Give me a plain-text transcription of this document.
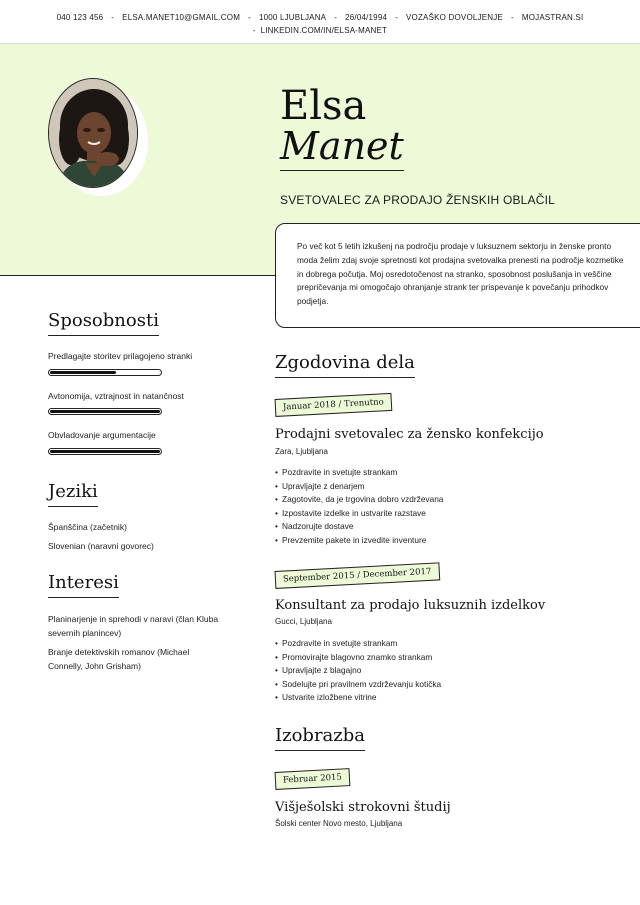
040 123 456 - ELSA.MANET10@GMAIL.COM - 1000 LJUBLJANA - 26/04/1994 - VOZAŠKO DOVOLJENJE - MOJASTRAN.SI
- LINKEDIN.COM/IN/ELSA-MANET
Elsa
Manet
SVETOVALEC ZA PRODAJO ŽENSKIH OBLAČIL

Po več kot 5 letih izkušenj na področju prodaje v luksuznem sektorju in ženske pronto moda želim zdaj svoje spretnosti kot prodajna svetovalka prenesti na področje kozmetike in dobrega počutja. Moj osredotočenost na stranko, sposobnost poslušanja in veščine prepričevanja mi omogočajo ohranjanje strank ter prispevanje k povečanju prihodkov podjetja.

Sposobnosti
Predlagajte storitev prilagojeno stranki
Avtonomija, vztrajnost in natančnost
Obvladovanje argumentacije
Jeziki
Španščina (začetnik)
Slovenian (naravni govorec)
Interesi
Planinarjenje in sprehodi v naravi (član Kluba severnih planincev)
Branje detektivskih romanov (Michael Connelly, John Grisham)
Zgodovina dela
Januar 2018 / Trenutno
Prodajni svetovalec za žensko konfekcijo
Zara, Ljubljana
• Pozdravite in svetujte strankam
• Upravljajte z denarjem
• Zagotovite, da je trgovina dobro vzdrževana
• Izpostavite izdelke in ustvarite razstave
• Nadzorujte dostave
• Prevzemite pakete in izvedite inventure
September 2015 / December 2017
Konsultant za prodajo luksuznih izdelkov
Gucci, Ljubljana
• Pozdravite in svetujte strankam
• Promovirajte blagovno znamko strankam
• Upravljajte z blagajno
• Sodelujte pri pravilnem vzdrževanju kotička
• Ustvarite izložbene vitrine
Izobrazba
Februar 2015
Višješolski strokovni študij
Šolski center Novo mesto, Ljubljana
